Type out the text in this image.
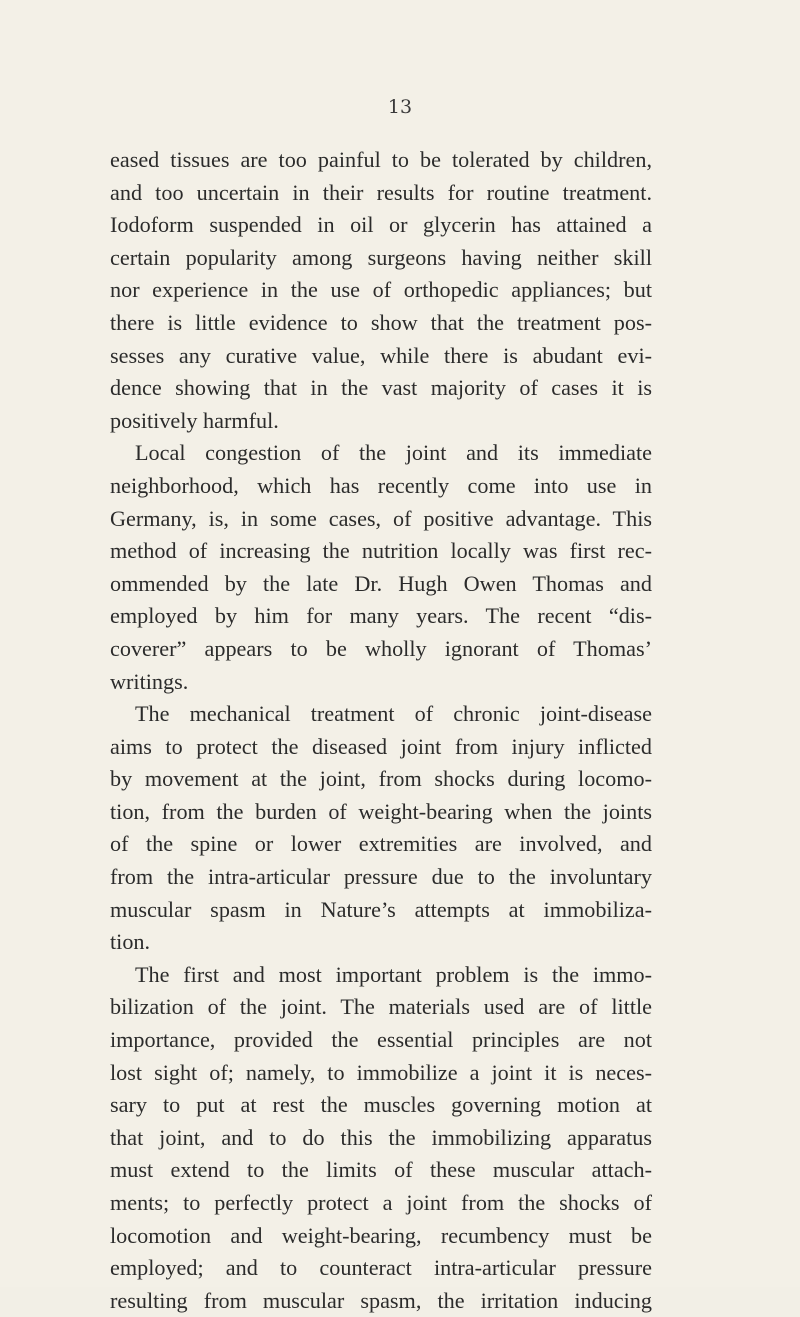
13
eased tissues are too painful to be tolerated by children,
and too uncertain in their results for routine treatment.
Iodoform suspended in oil or glycerin has attained a
certain popularity among surgeons having neither skill
nor experience in the use of orthopedic appliances; but
there is little evidence to show that the treatment pos-
sesses any curative value, while there is abudant evi-
dence showing that in the vast majority of cases it is
positively harmful.
Local congestion of the joint and its immediate
neighborhood, which has recently come into use in
Germany, is, in some cases, of positive advantage. This
method of increasing the nutrition locally was first rec-
ommended by the late Dr. Hugh Owen Thomas and
employed by him for many years. The recent “dis-
coverer” appears to be wholly ignorant of Thomas’
writings.
The mechanical treatment of chronic joint-disease
aims to protect the diseased joint from injury inflicted
by movement at the joint, from shocks during locomo-
tion, from the burden of weight-bearing when the joints
of the spine or lower extremities are involved, and
from the intra-articular pressure due to the involuntary
muscular spasm in Nature’s attempts at immobiliza-
tion.
The first and most important problem is the immo-
bilization of the joint. The materials used are of little
importance, provided the essential principles are not
lost sight of; namely, to immobilize a joint it is neces-
sary to put at rest the muscles governing motion at
that joint, and to do this the immobilizing apparatus
must extend to the limits of these muscular attach-
ments; to perfectly protect a joint from the shocks of
locomotion and weight-bearing, recumbency must be
employed; and to counteract intra-articular pressure
resulting from muscular spasm, the irritation inducing
